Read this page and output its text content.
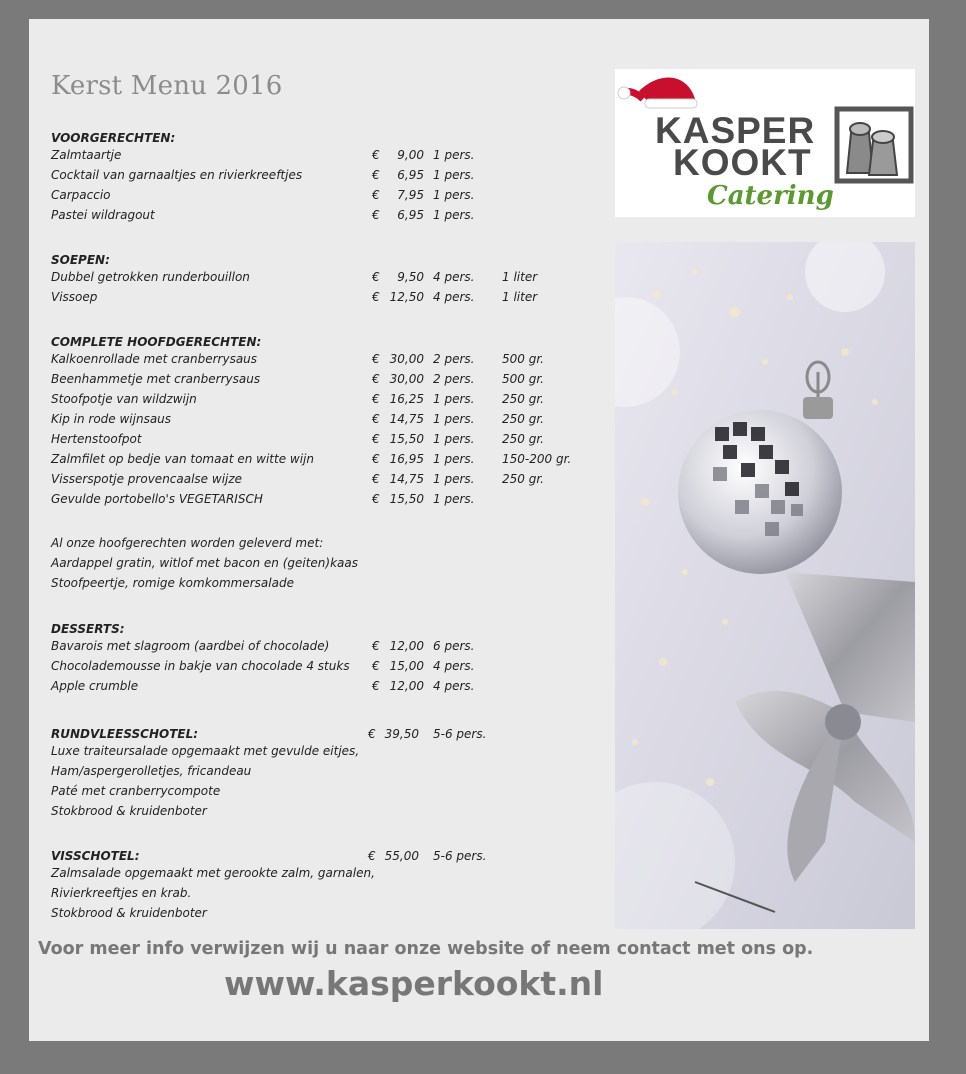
Kerst Menu 2016
VOORGERECHTEN:
Zalmtaartje	€	9,00 1 pers.
Cocktail van garnaaltjes en rivierkreeftjes	€	6,95 1 pers.
Carpaccio	€	7,95 1 pers.
Pastei wildragout	€	6,95 1 pers.
SOEPEN:
Dubbel getrokken runderbouillon	€	9,50 4 pers. 1 liter
Vissoep	€ 12,50 4 pers. 1 liter
COMPLETE HOOFDGERECHTEN:
Kalkoenrollade met cranberrysaus	€ 30,00 2 pers. 500 gr.
Beenhammetje met cranberrysaus	€ 30,00 2 pers. 500 gr.
Stoofpotje van wildzwijn	€ 16,25 1 pers. 250 gr.
Kip in rode wijnsaus	€ 14,75 1 pers. 250 gr.
Hertenstoofpot	€ 15,50 1 pers. 250 gr.
Zalmfilet op bedje van tomaat en witte wijn	€ 16,95 1 pers. 150-200 gr.
Visserspotje provencaalse wijze	€ 14,75 1 pers. 250 gr.
Gevulde portobello's VEGETARISCH	€ 15,50 1 pers.
Al onze hoofgerechten worden geleverd met:
Aardappel gratin, witlof met bacon en (geiten)kaas
Stoofpeertje, romige komkommersalade
DESSERTS:
Bavarois met slagroom (aardbei of chocolade)	€ 12,00 6 pers.
Chocolademousse in bakje van chocolade 4 stuks € 15,00 4 pers.
Apple crumble	€ 12,00 4 pers.
RUNDVLEESSCHOTEL:	€ 39,50 5-6 pers.
Luxe traiteursalade opgemaakt met gevulde eitjes,
Ham/aspergerolletjes, fricandeau
Paté met cranberrycompote
Stokbrood & kruidenboter
VISSCHOTEL:	€ 55,00 5-6 pers.
Zalmsalade opgemaakt met gerookte zalm, garnalen,
Rivierkreeftjes en krab.
Stokbrood & kruidenboter
KASPER
KOOKT
Catering
Voor meer info verwijzen wij u naar onze website of neem contact met ons op.
www.kasperkookt.nl
